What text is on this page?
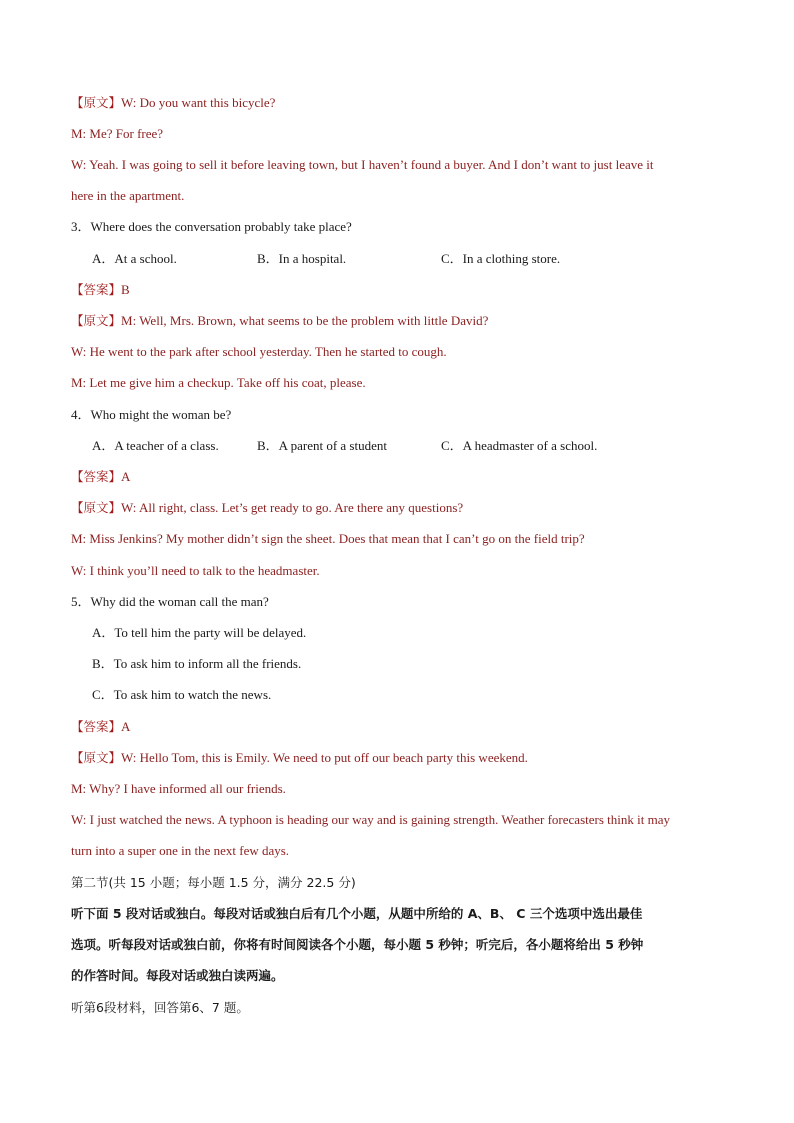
【原文】W: Do you want this bicycle?
M: Me? For free?
W: Yeah. I was going to sell it before leaving town, but I haven’t found a buyer. And I don’t want to just leave it
here in the apartment.
3．Where does the conversation probably take place?
A．At a school.	B．In a hospital.	C．In a clothing store.
【答案】B
【原文】M: Well, Mrs. Brown, what seems to be the problem with little David?
W: He went to the park after school yesterday. Then he started to cough.
M: Let me give him a checkup. Take off his coat, please.
4．Who might the woman be?
A．A teacher of a class.	B．A parent of a student	C．A headmaster of a school.
【答案】A
【原文】W: All right, class. Let’s get ready to go. Are there any questions?
M: Miss Jenkins? My mother didn’t sign the sheet. Does that mean that I can’t go on the field trip?
W: I think you’ll need to talk to the headmaster.
5．Why did the woman call the man?
A．To tell him the party will be delayed.
B．To ask him to inform all the friends.
C．To ask him to watch the news.
【答案】A
【原文】W: Hello Tom, this is Emily. We need to put off our beach party this weekend.
M: Why? I have informed all our friends.
W: I just watched the news. A typhoon is heading our way and is gaining strength. Weather forecasters think it may
turn into a super one in the next few days.
第二节(共 15 小题；每小题 1.5 分，满分 22.5 分)
听下面 5 段对话或独白。每段对话或独白后有几个小题，从题中所给的 A、B、 C 三个选项中选出最佳
选项。听每段对话或独白前，你将有时间阅读各个小题，每小题 5 秒钟；听完后，各小题将给出 5 秒钟
的作答时间。每段对话或独白读两遍。
听第6段材料，回答第6、7 题。
